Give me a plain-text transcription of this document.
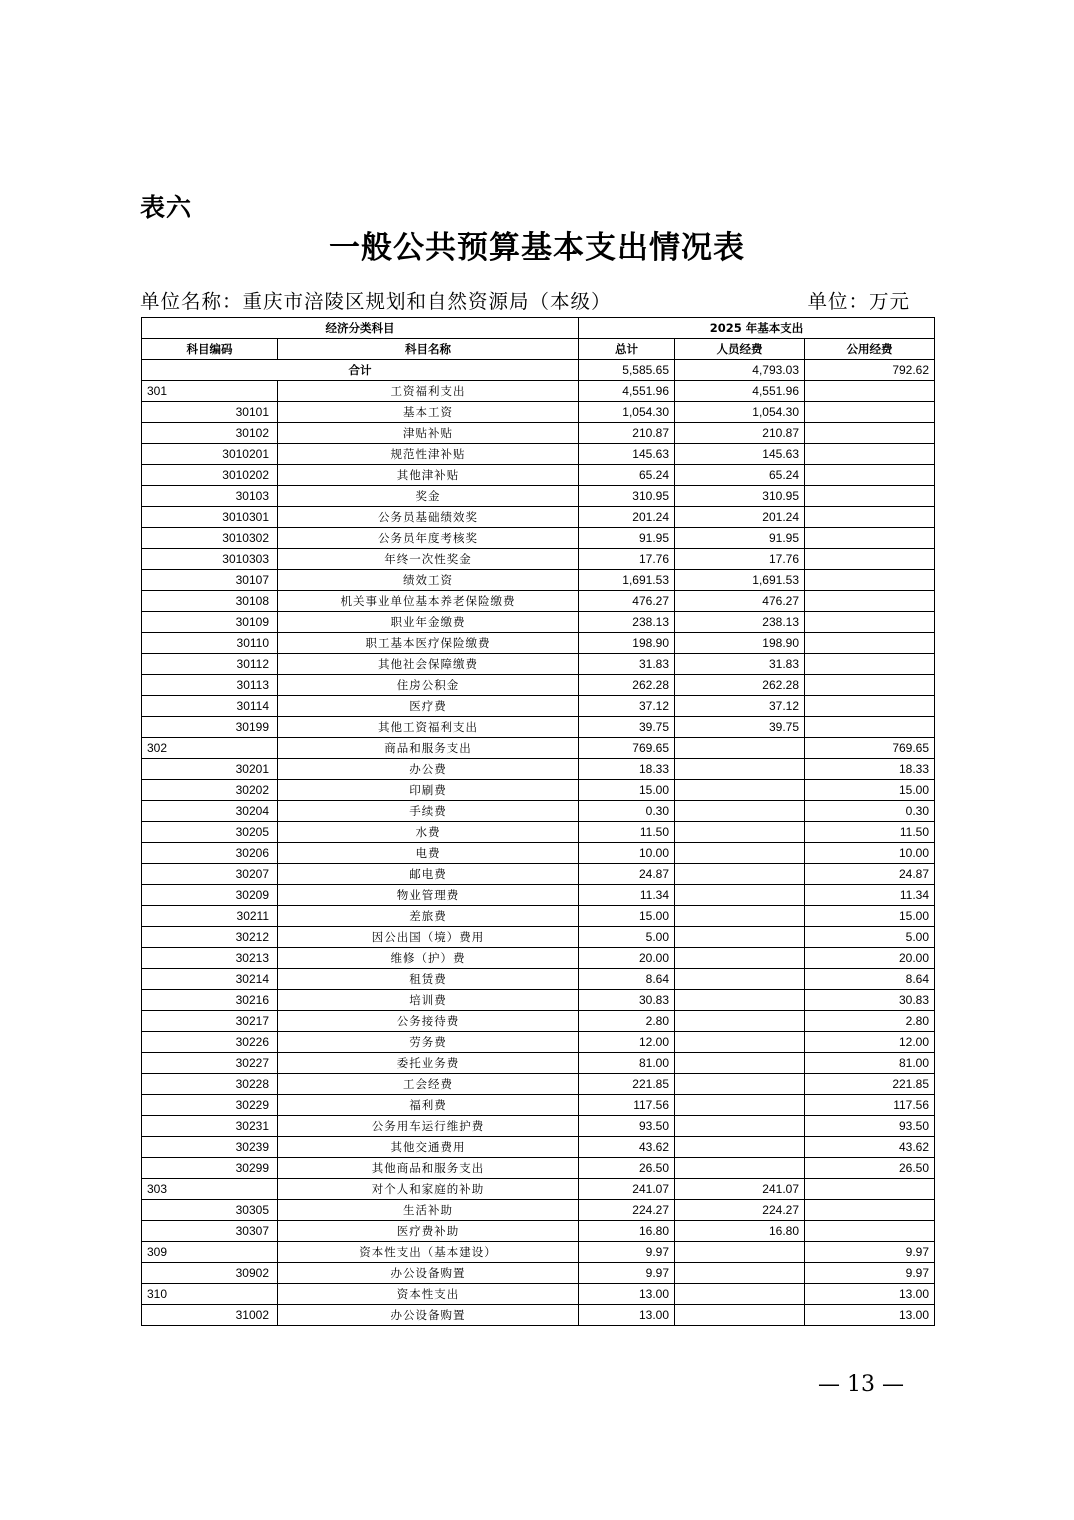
表六
一般公共预算基本支出情况表
单位名称：重庆市涪陵区规划和自然资源局（本级）	单位：万元
经济分类科目		2025 年基本支出		
科目编码	科目名称	总计	人员经费	公用经费
合计		5,585.65	4,793.03	792.62
301	工资福利支出	4,551.96	4,551.96	
30101	基本工资	1,054.30	1,054.30	
30102	津贴补贴	210.87	210.87	
3010201	规范性津补贴	145.63	145.63	
3010202	其他津补贴	65.24	65.24	
30103	奖金	310.95	310.95	
3010301	公务员基础绩效奖	201.24	201.24	
3010302	公务员年度考核奖	91.95	91.95	
3010303	年终一次性奖金	17.76	17.76	
30107	绩效工资	1,691.53	1,691.53	
30108	机关事业单位基本养老保险缴费	476.27	476.27	
30109	职业年金缴费	238.13	238.13	
30110	职工基本医疗保险缴费	198.90	198.90	
30112	其他社会保障缴费	31.83	31.83	
30113	住房公积金	262.28	262.28	
30114	医疗费	37.12	37.12	
30199	其他工资福利支出	39.75	39.75	
302	商品和服务支出	769.65		769.65
30201	办公费	18.33		18.33
30202	印刷费	15.00		15.00
30204	手续费	0.30		0.30
30205	水费	11.50		11.50
30206	电费	10.00		10.00
30207	邮电费	24.87		24.87
30209	物业管理费	11.34		11.34
30211	差旅费	15.00		15.00
30212	因公出国（境）费用	5.00		5.00
30213	维修（护）费	20.00		20.00
30214	租赁费	8.64		8.64
30216	培训费	30.83		30.83
30217	公务接待费	2.80		2.80
30226	劳务费	12.00		12.00
30227	委托业务费	81.00		81.00
30228	工会经费	221.85		221.85
30229	福利费	117.56		117.56
30231	公务用车运行维护费	93.50		93.50
30239	其他交通费用	43.62		43.62
30299	其他商品和服务支出	26.50		26.50
303	对个人和家庭的补助	241.07	241.07	
30305	生活补助	224.27	224.27	
30307	医疗费补助	16.80	16.80	
309	资本性支出（基本建设）	9.97		9.97
30902	办公设备购置	9.97		9.97
310	资本性支出	13.00		13.00
31002	办公设备购置	13.00		13.00
— 13 —
